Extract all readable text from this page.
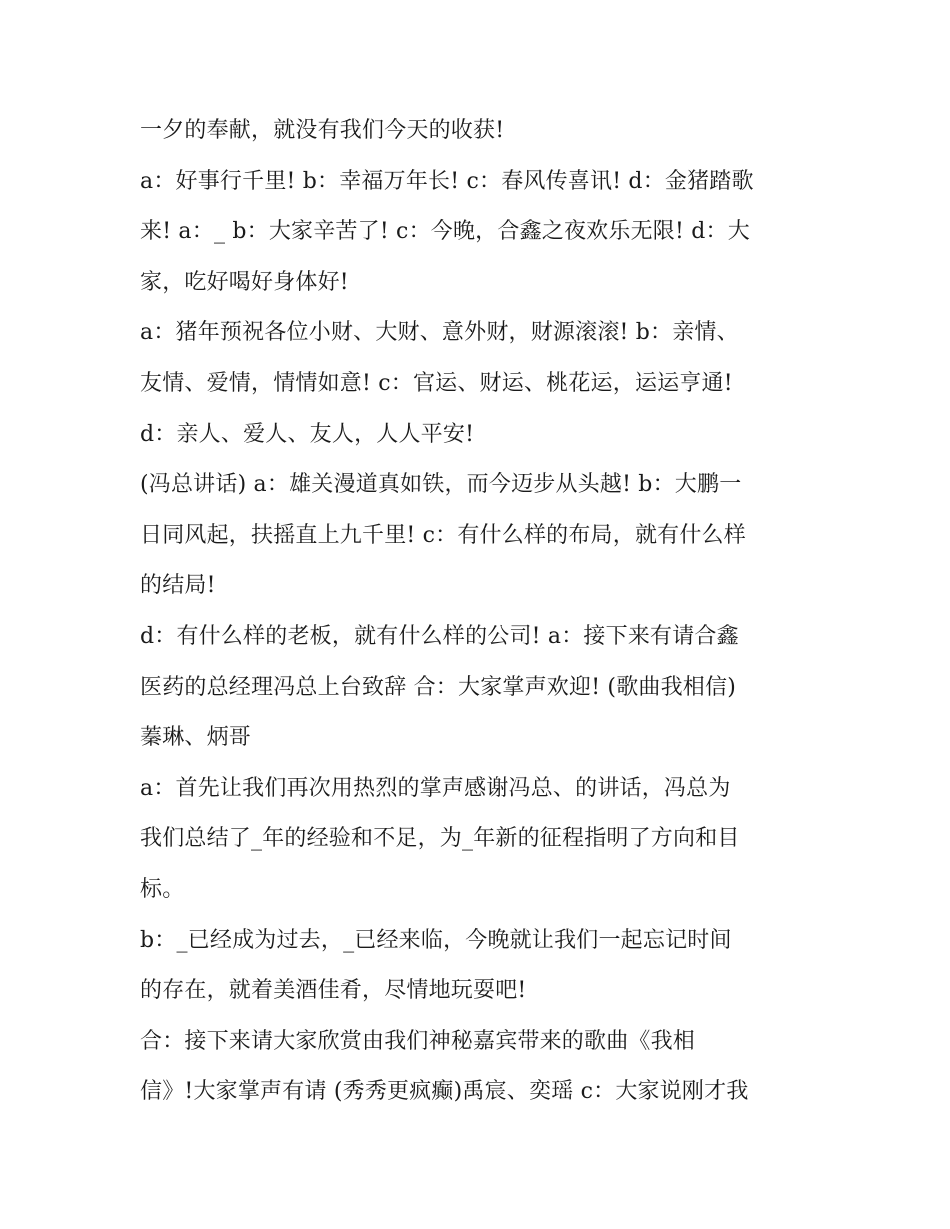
一夕的奉献，就没有我们今天的收获!
a：好事行千里! b：幸福万年长! c：春风传喜讯! d：金猪踏歌
来! a：_ b：大家辛苦了! c：今晚，合鑫之夜欢乐无限! d：大
家，吃好喝好身体好!
a：猪年预祝各位小财、大财、意外财，财源滚滚! b：亲情、
友情、爱情，情情如意! c：官运、财运、桃花运，运运亨通!
d：亲人、爱人、友人，人人平安!
(冯总讲话) a：雄关漫道真如铁，而今迈步从头越! b：大鹏一
日同风起，扶摇直上九千里! c：有什么样的布局，就有什么样
的结局!
d：有什么样的老板，就有什么样的公司! a：接下来有请合鑫
医药的总经理冯总上台致辞 合：大家掌声欢迎! (歌曲我相信)
蓁琳、炳哥
a：首先让我们再次用热烈的掌声感谢冯总、的讲话，冯总为
我们总结了_年的经验和不足，为_年新的征程指明了方向和目
标。
b：_已经成为过去，_已经来临，今晚就让我们一起忘记时间
的存在，就着美酒佳肴，尽情地玩耍吧!
合：接下来请大家欣赏由我们神秘嘉宾带来的歌曲《我相
信》!大家掌声有请 (秀秀更疯癫)禹宸、奕瑶 c：大家说刚才我
